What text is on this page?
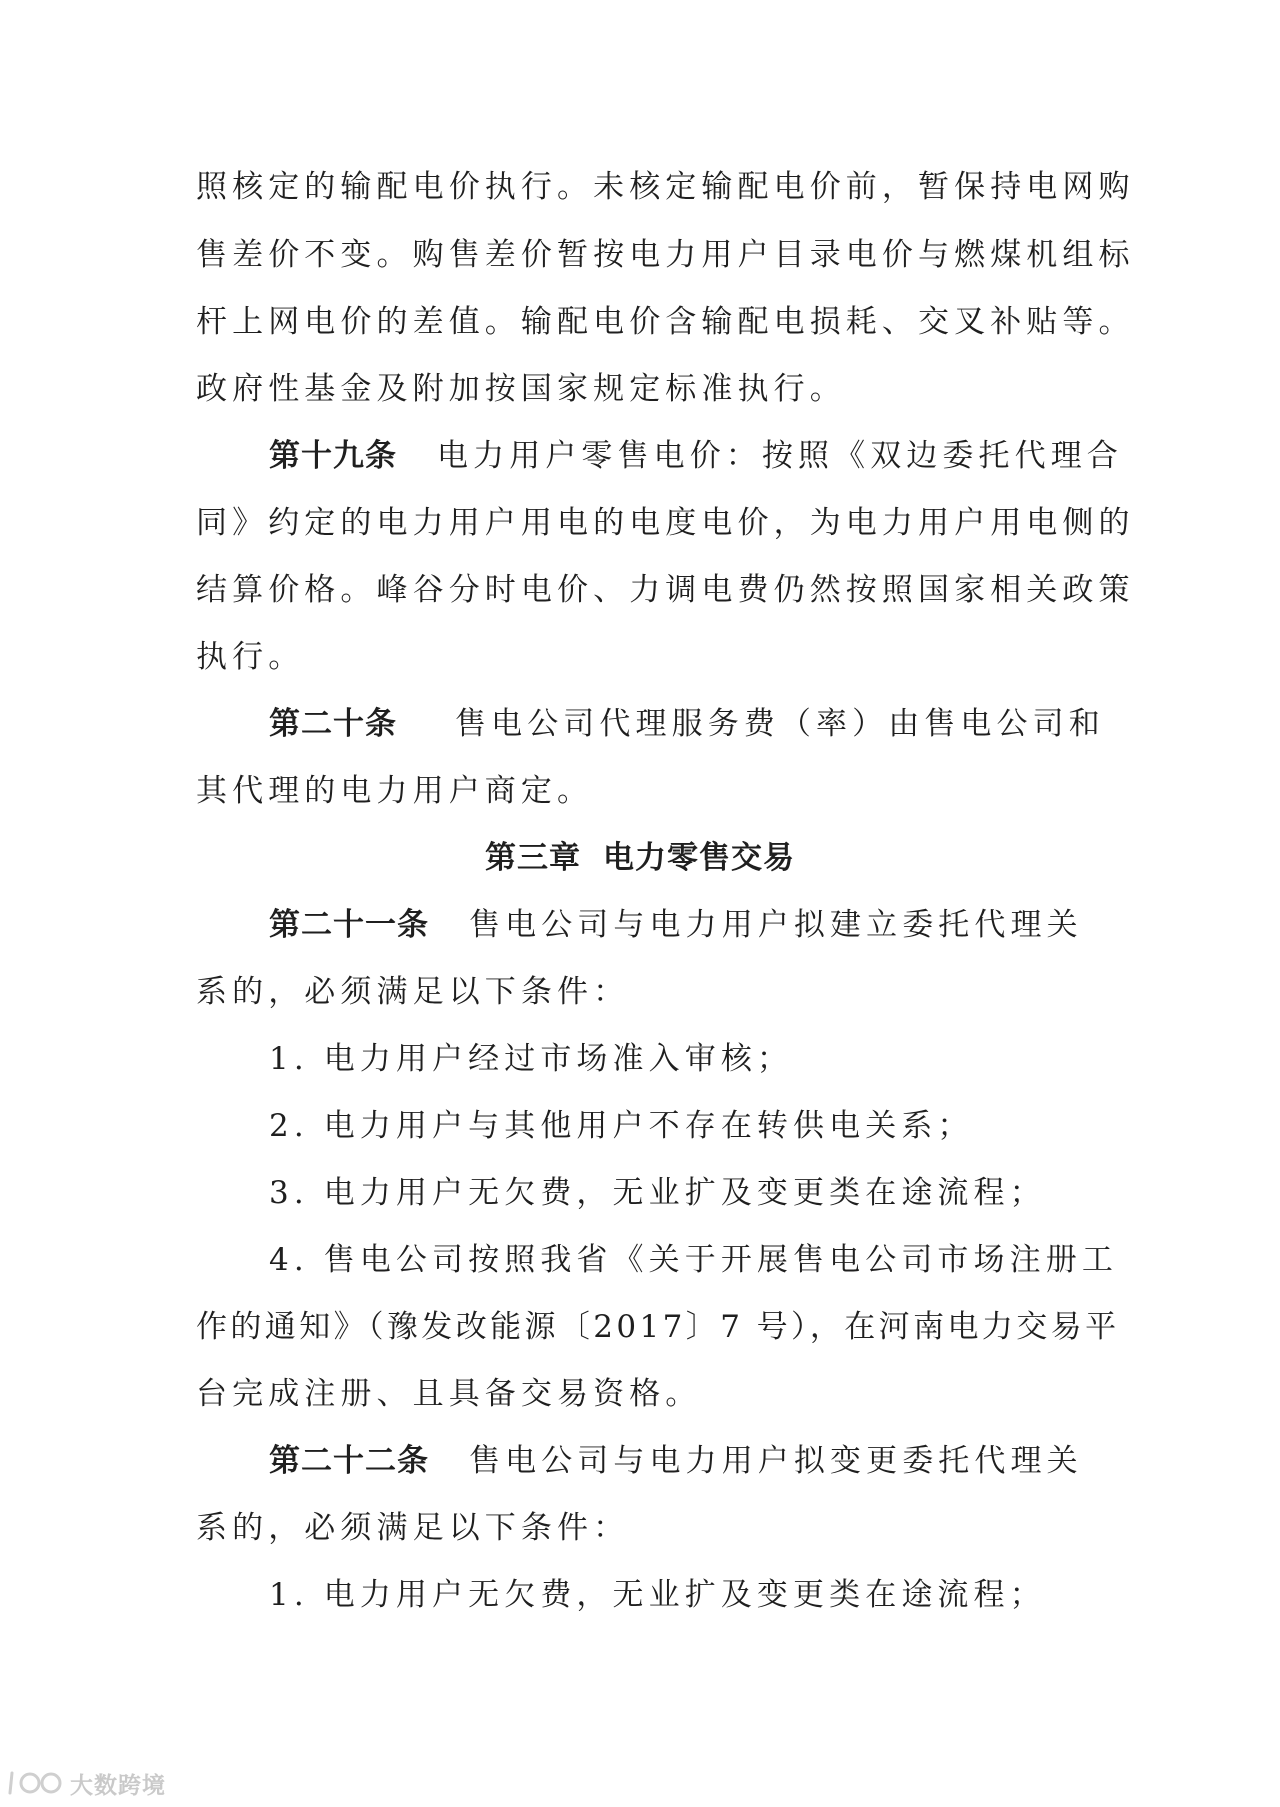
照核定的输配电价执行。未核定输配电价前，暂保持电网购
售差价不变。购售差价暂按电力用户目录电价与燃煤机组标
杆上网电价的差值。输配电价含输配电损耗、交叉补贴等。
政府性基金及附加按国家规定标准执行。
第十九条 电力用户零售电价：按照《双边委托代理合
同》约定的电力用户用电的电度电价，为电力用户用电侧的
结算价格。峰谷分时电价、力调电费仍然按照国家相关政策
执行。
第二十条 售电公司代理服务费（率）由售电公司和
其代理的电力用户商定。
第三章 电力零售交易
第二十一条 售电公司与电力用户拟建立委托代理关
系的，必须满足以下条件：
1. 电力用户经过市场准入审核；
2. 电力用户与其他用户不存在转供电关系；
3. 电力用户无欠费，无业扩及变更类在途流程；
4. 售电公司按照我省《关于开展售电公司市场注册工
作的通知》（豫发改能源〔2017〕7 号），在河南电力交易平
台完成注册、且具备交易资格。
第二十二条 售电公司与电力用户拟变更委托代理关
系的，必须满足以下条件：
1. 电力用户无欠费，无业扩及变更类在途流程；
大数跨境
